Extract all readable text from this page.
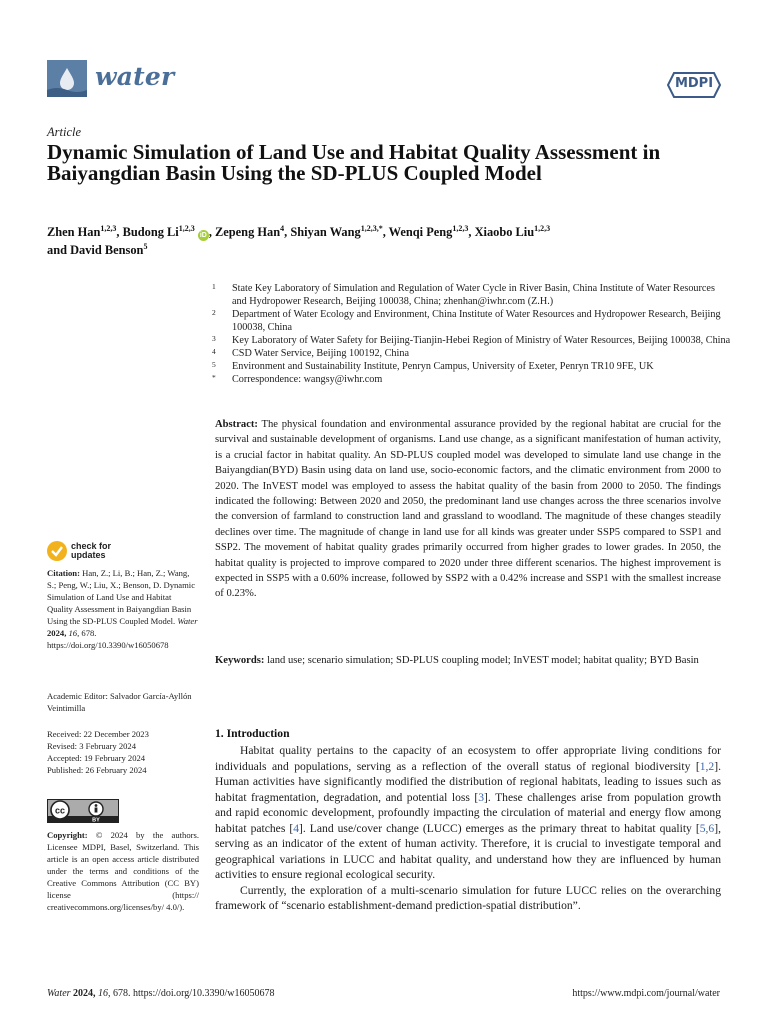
water	MDPI
Article
Dynamic Simulation of Land Use and Habitat Quality Assessment in Baiyangdian Basin Using the SD-PLUS Coupled Model
Zhen Han$^{1,2,3}$, Budong Li$^{1,2,3}$ iD , Zepeng Han$^4$, Shiyan Wang$^{1,2,3,*}$, Wenqi Peng$^{1,2,3}$, Xiaobo Liu$^{1,2,3}$
and David Benson$^5$
1 State Key Laboratory of Simulation and Regulation of Water Cycle in River Basin, China Institute of Water Resources and Hydropower Research, Beijing 100038, China; zhenhan@iwhr.com (Z.H.)
2 Department of Water Ecology and Environment, China Institute of Water Resources and Hydropower Research, Beijing 100038, China
3 Key Laboratory of Water Safety for Beijing-Tianjin-Hebei Region of Ministry of Water Resources, Beijing 100038, China
4 CSD Water Service, Beijing 100192, China
5 Environment and Sustainability Institute, Penryn Campus, University of Exeter, Penryn TR10 9FE, UK
* Correspondence: wangsy@iwhr.com
Abstract: The physical foundation and environmental assurance provided by the regional habitat are crucial for the survival and sustainable development of organisms. Land use change, as a significant manifestation of human activity, is a crucial factor in habitat quality. An SD-PLUS coupled model was developed to simulate land use change in the Baiyangdian(BYD) Basin using data on land use, socio-economic factors, and the climatic environment from 2000 to 2020. The InVEST model was employed to assess the habitat quality of the basin from 2000 to 2050. The findings indicated the following: Between 2020 and 2050, the predominant land use changes across the three scenarios involve the conversion of farmland to construction land and grassland to woodland. The magnitude of these changes steadily declines over time. The magnitude of change in land use for all kinds was greater under SSP5 compared to SSP1 and SSP2. The movement of habitat quality grades primarily occurred from higher grades to lower grades. In 2050, the habitat quality is projected to improve compared to 2020 under three different scenarios. The highest improvement is expected in SSP5 with a 0.60% increase, followed by SSP2 with a 0.42% increase and SSP1 with the smallest increase of 0.23%.
Keywords: land use; scenario simulation; SD-PLUS coupling model; InVEST model; habitat quality; BYD Basin
check for
updates
Citation: Han, Z.; Li, B.; Han, Z.; Wang, S.; Peng, W.; Liu, X.; Benson, D. Dynamic Simulation of Land Use and Habitat Quality Assessment in Baiyangdian Basin Using the SD-PLUS Coupled Model. Water 2024, 16, 678. https://doi.org/10.3390/w16050678
Academic Editor: Salvador García-Ayllón Veintimilla
Received: 22 December 2023
Revised: 3 February 2024
Accepted: 19 February 2024
Published: 26 February 2024
cc
BY
Copyright: © 2024 by the authors. Licensee MDPI, Basel, Switzerland. This article is an open access article distributed under the terms and conditions of the Creative Commons Attribution (CC BY) license (https:// creativecommons.org/licenses/by/ 4.0/).
1. Introduction

Habitat quality pertains to the capacity of an ecosystem to offer appropriate living conditions for individuals and populations, serving as a reflection of the overall status of regional biodiversity [1,2]. Human activities have significantly modified the distribution of regional habitats, leading to issues such as habitat fragmentation, degradation, and potential loss [3]. These challenges arise from population growth and rapid economic development, profoundly impacting the circulation of material and energy flow among habitat patches [4]. Land use/cover change (LUCC) emerges as the primary threat to habitat quality [5,6], serving as an indicator of the extent of human activity. Therefore, it is crucial to investigate temporal and geographical variations in LUCC and habitat quality, and understand how they are influenced by human activities to ensure regional ecological security.

Currently, the exploration of a multi-scenario simulation for future LUCC relies on the overarching framework of “scenario establishment-demand prediction-spatial distribution”.

Water 2024, 16, 678. https://doi.org/10.3390/w16050678	https://www.mdpi.com/journal/water
